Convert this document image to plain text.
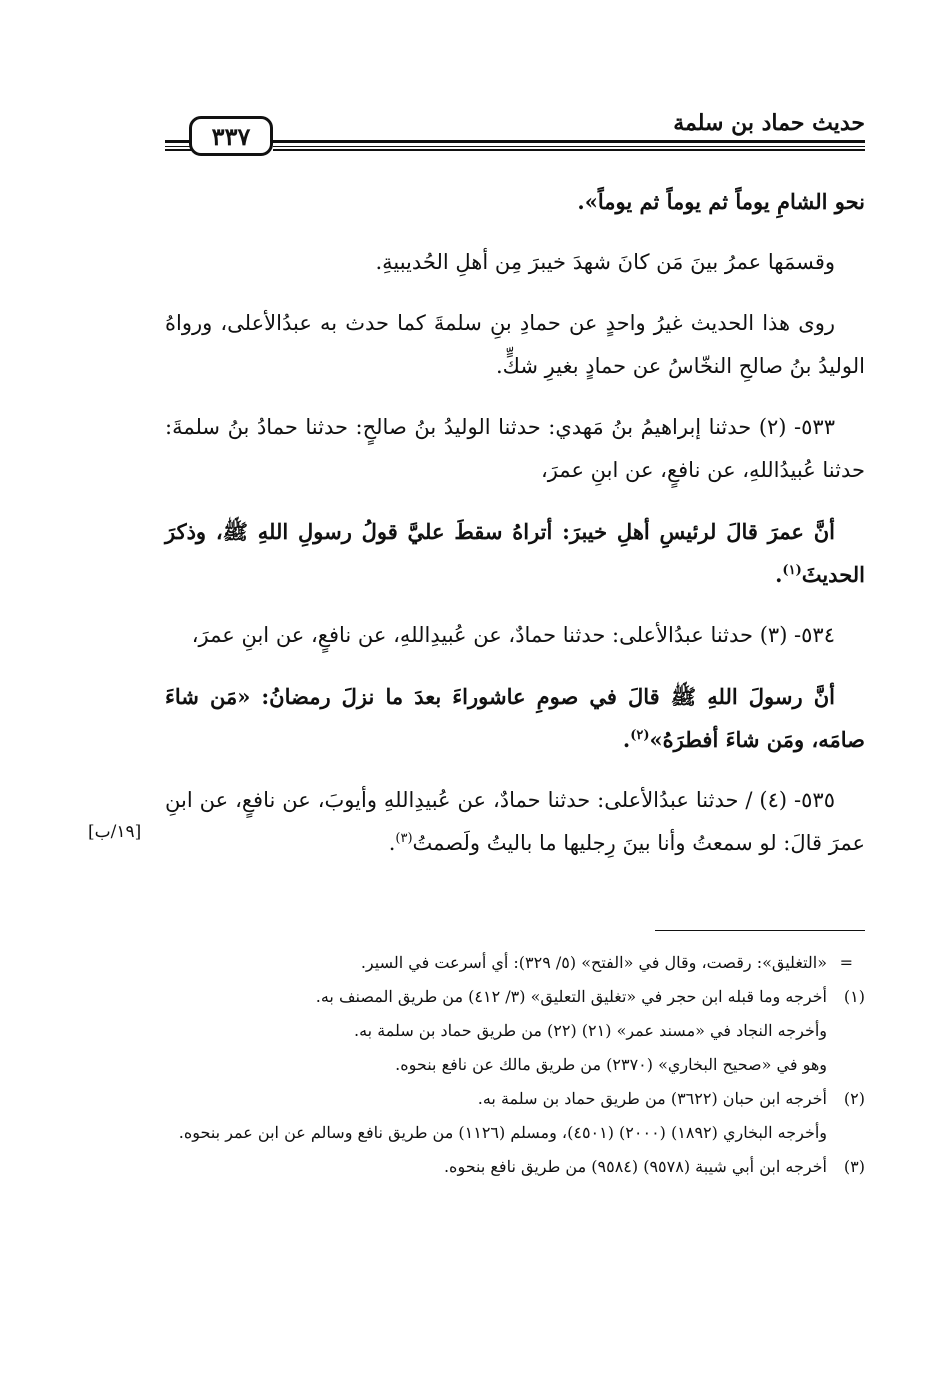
حديث حماد بن سلمة
٣٣٧

نحو الشامِ يوماً ثم يوماً ثم يوماً».

وقسمَها عمرُ بينَ مَن كانَ شهدَ خيبرَ مِن أهلِ الحُديبيةِ.

روى هذا الحديث غيرُ واحدٍ عن حمادِ بنِ سلمةَ كما حدث به عبدُالأعلى، ورواهُ الوليدُ بنُ صالحِ النخّاسُ عن حمادٍ بغيرِ شكٍّ.

٥٣٣- (٢) حدثنا إبراهيمُ بنُ مَهدي: حدثنا الوليدُ بنُ صالحٍ: حدثنا حمادُ بنُ سلمةَ: حدثنا عُبيدُاللهِ، عن نافعٍ، عن ابنِ عمرَ،

أنَّ عمرَ قالَ لرئيسِ أهلِ خيبرَ: أتراهُ سقطَ عليَّ قولُ رسولِ اللهِ ﷺ، وذكرَ الحديثَ$^{(١)}$.

٥٣٤- (٣) حدثنا عبدُالأعلى: حدثنا حمادٌ، عن عُبيدِاللهِ، عن نافعٍ، عن ابنِ عمرَ،

أنَّ رسولَ اللهِ ﷺ قالَ في صومِ عاشوراءَ بعدَ ما نزلَ رمضانُ: «مَن شاءَ صامَه، ومَن شاءَ أفطرَهُ»$^{(٢)}$.

٥٣٥- (٤) / حدثنا عبدُالأعلى: حدثنا حمادٌ، عن عُبيدِاللهِ وأيوبَ، عن نافعٍ، عن ابنِ عمرَ قالَ: لو سمعتُ وأنا بينَ رِجليها ما باليتُ ولَصمتُ$^{(٣)}$.

[١٩/ب]

=
«التغليق»: رقصت، وقال في «الفتح» (٥/ ٣٢٩): أي أسرعت في السير.

(١)أخرجه وما قبله ابن حجر في «تغليق التعليق» (٣/ ٤١٢) من طريق المصنف به.

وأخرجه النجاد في «مسند عمر» (٢١) (٢٢) من طريق حماد بن سلمة به.

وهو في «صحيح البخاري» (٢٣٧٠) من طريق مالك عن نافع بنحوه.

(٢)أخرجه ابن حبان (٣٦٢٢) من طريق حماد بن سلمة به.

وأخرجه البخاري (١٨٩٢) (٢٠٠٠) (٤٥٠١)، ومسلم (١١٢٦) من طريق نافع وسالم عن ابن عمر بنحوه.

(٣)أخرجه ابن أبي شيبة (٩٥٧٨) (٩٥٨٤) من طريق نافع بنحوه.
